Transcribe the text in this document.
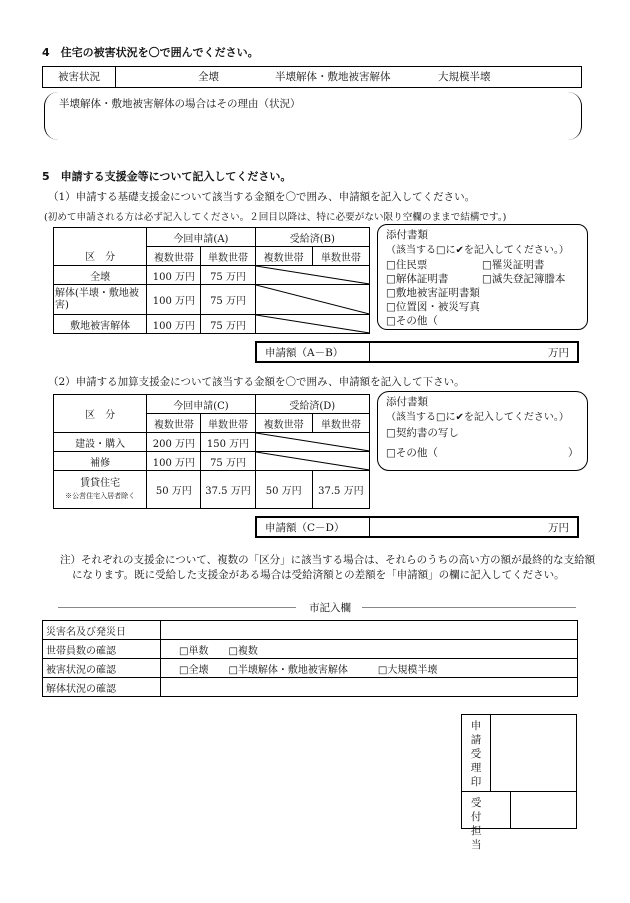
4　住宅の被害状況を〇で囲んでください。
被害状況	全壊	半壊解体・敷地被害解体	大規模半壊
半壊解体・敷地被害解体の場合はその理由（状況）
5　申請する支援金等について記入してください。
（1）申請する基礎支援金について該当する金額を〇で囲み、申請額を記入してください。
(初めて申請される方は必ず記入してください。２回目以降は、特に必要がない限り空欄のままで結構です。)
区　分	今回申請(A)		受給済(B)	
	複数世帯	単数世帯	複数世帯	単数世帯
全壊	100 万円	75 万円	

解体(半壊・敷地被害)	100 万円	75 万円	

敷地被害解体	100 万円	75 万円	
添付書類
（該当する□に✔を記入してください。）
□住民票	□罹災証明書
□解体証明書	□滅失登記簿謄本
□敷地被害証明書類
□位置図・被災写真
□その他（
申請額（A－B）	万円
（2）申請する加算支援金について該当する金額を〇で囲み、申請額を記入して下さい。
区　分	今回申請(C)		受給済(D)	
	複数世帯	単数世帯	複数世帯	単数世帯
建設・購入	200 万円	150 万円	

補修	100 万円	75 万円	

賃貸住宅
※公営住宅入居者除く	50 万円	37.5 万円	50 万円	37.5 万円
添付書類
（該当する□に✔を記入してください。）
□契約書の写し
□その他（	）
申請額（C－D）	万円
注）それぞれの支援金について、複数の「区分」に該当する場合は、それらのうちの高い方の額が最終的な支給額になります。既に受給した支援金がある場合は受給済額との差額を「申請額」の欄に記入してください。
市記入欄
災害名及び発災日	
世帯員数の確認	□単数　　□複数
被害状況の確認	□全壊　　□半壊解体・敷地被害解体　　　□大規模半壊
解体状況の確認	
申請受理印
受付担当
